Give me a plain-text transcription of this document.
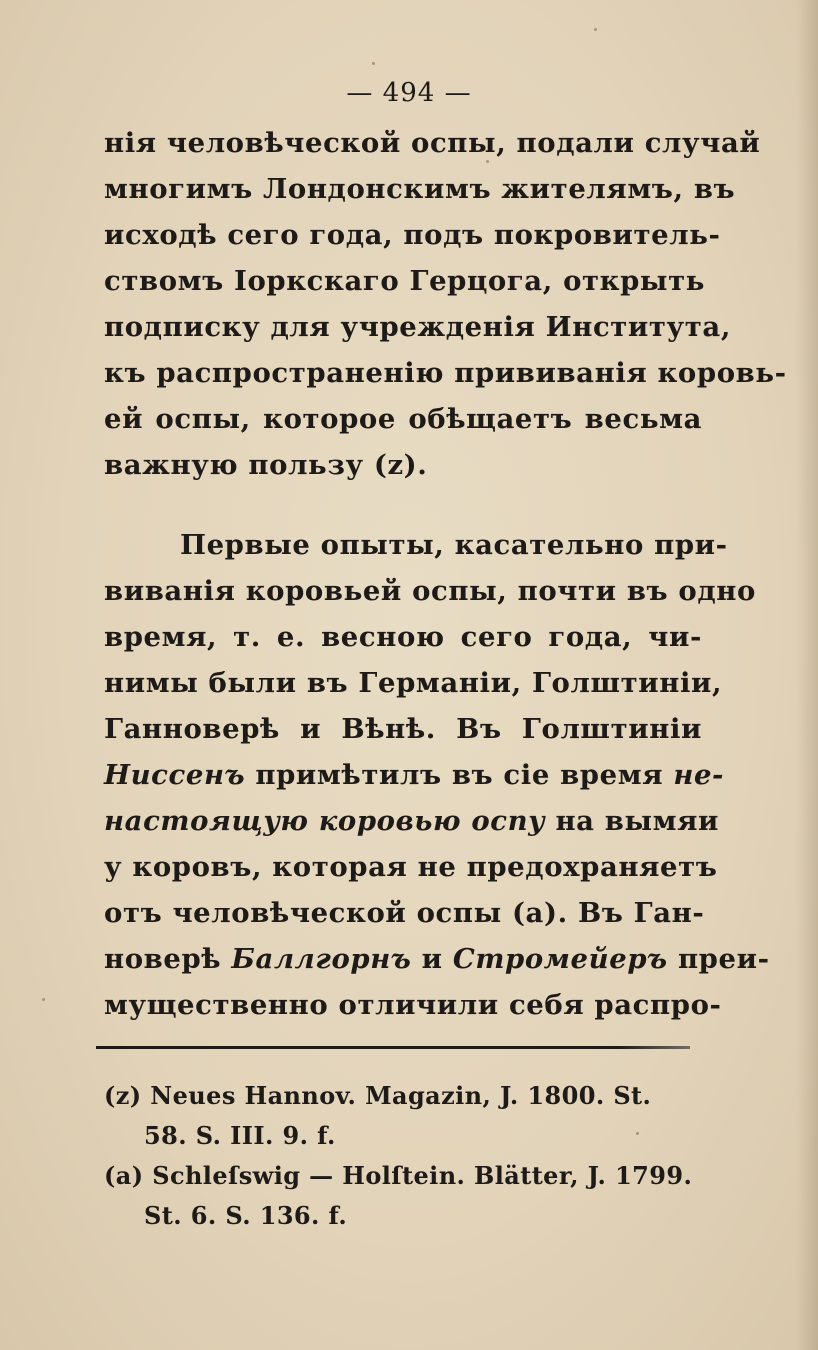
— 494 —
нія человѣческой оспы, подали случай
многимъ Лондонскимъ жителямъ, въ
исходѣ сего года, подъ покровитель-
ствомъ Іоркскаго Герцога, открыть
подписку для учрежденія Института,
къ распространенію прививанія коровь-
ей оспы, которое обѣщаетъ весьма
важную пользу (z).
Первые опыты, касательно при-
виванія коровьей оспы, почти въ одно
время, т. е. весною сего года, чи-
нимы были въ Германіи, Голштиніи,
Ганноверѣ и Вѣнѣ. Въ Голштиніи
Ниссенъ примѣтилъ въ сіе время не-
настоящую коровью оспу на вымяи
у коровъ, которая не предохраняетъ
отъ человѣческой оспы (a). Въ Ган-
новерѣ Баллгорнъ и Стромейеръ преи-
мущественно отличили себя распро-
(z) Neues Hannov. Magazin, J. 1800. St.
58. S. III. 9. f.
(a) Schleſswig — Holſtein. Blätter, J. 1799.
St. 6. S. 136. f.
